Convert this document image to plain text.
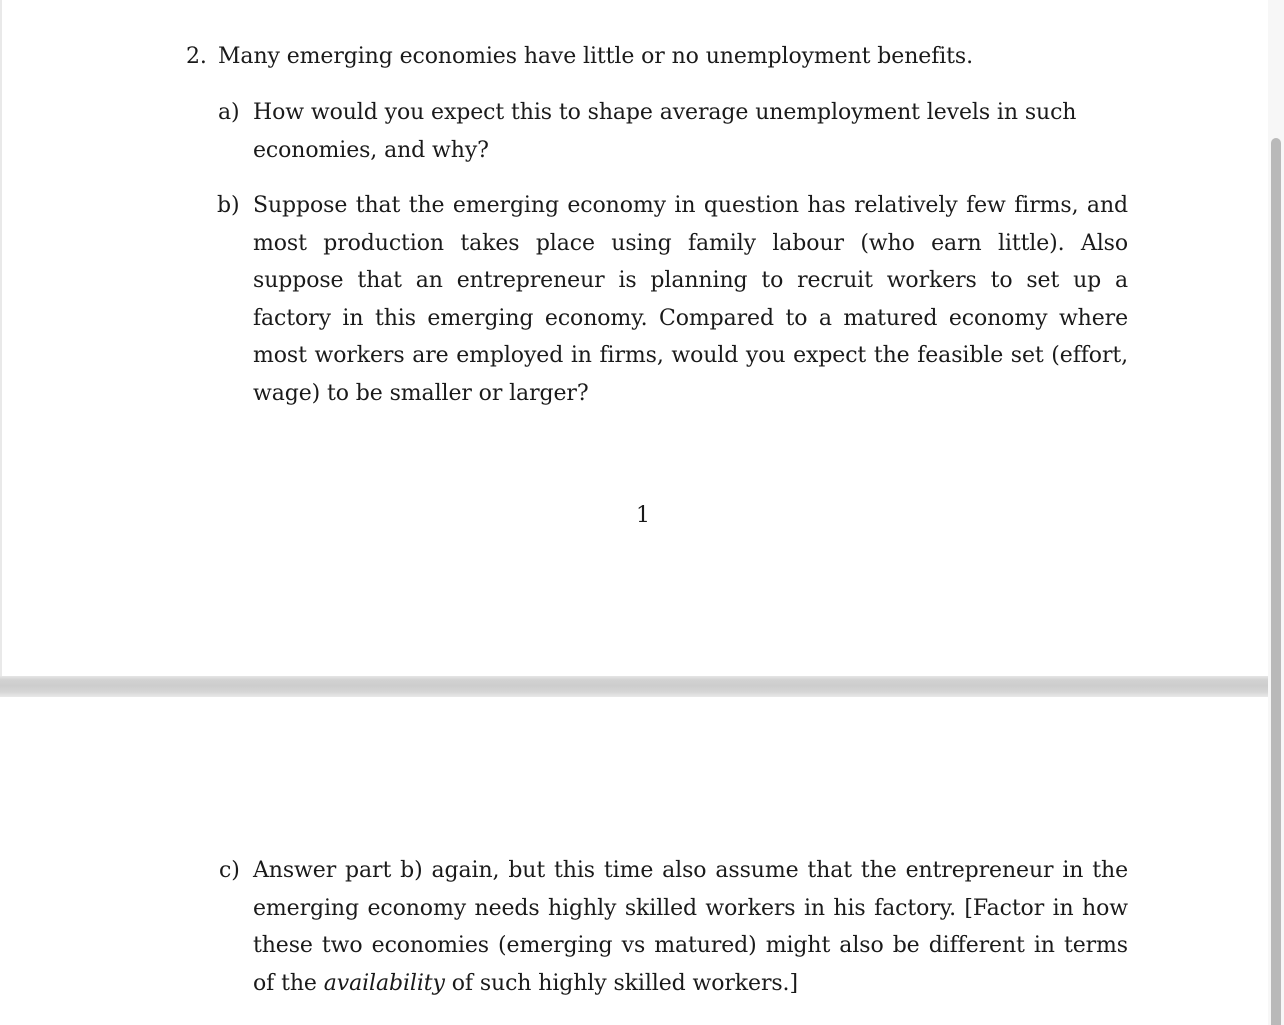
2. Many emerging economies have little or no unemployment benefits.
a) How would you expect this to shape average unemployment levels in such economies, and why?
b) Suppose that the emerging economy in question has relatively few firms, and most production takes place using family labour (who earn little). Also suppose that an entrepreneur is planning to recruit workers to set up a factory in this emerging economy. Compared to a matured economy where most workers are employed in firms, would you expect the feasible set (effort, wage) to be smaller or larger?
1
c) Answer part b) again, but this time also assume that the entrepreneur in the emerging economy needs highly skilled workers in his factory. [Factor in how these two economies (emerging vs matured) might also be different in terms of the availability of such highly skilled workers.]
